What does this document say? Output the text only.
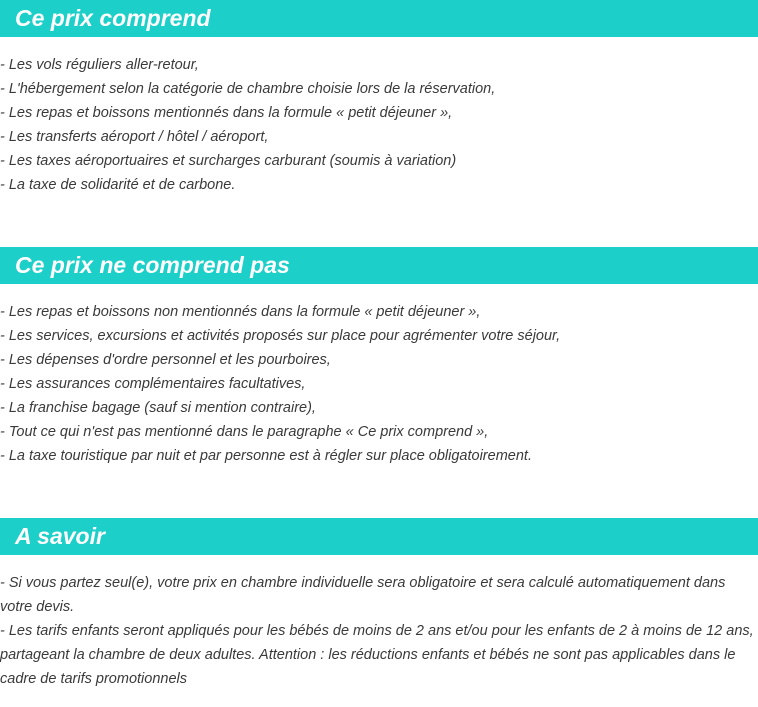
Ce prix comprend
- Les vols réguliers aller-retour,
- L'hébergement selon la catégorie de chambre choisie lors de la réservation,
- Les repas et boissons mentionnés dans la formule « petit déjeuner »,
- Les transferts aéroport / hôtel / aéroport,
- Les taxes aéroportuaires et surcharges carburant (soumis à variation)
- La taxe de solidarité et de carbone.
Ce prix ne comprend pas
- Les repas et boissons non mentionnés dans la formule « petit déjeuner »,
- Les services, excursions et activités proposés sur place pour agrémenter votre séjour,
- Les dépenses d'ordre personnel et les pourboires,
- Les assurances complémentaires facultatives,
- La franchise bagage (sauf si mention contraire),
- Tout ce qui n'est pas mentionné dans le paragraphe « Ce prix comprend »,
- La taxe touristique par nuit et par personne est à régler sur place obligatoirement.
A savoir
- Si vous partez seul(e), votre prix en chambre individuelle sera obligatoire et sera calculé automatiquement dans votre devis.
- Les tarifs enfants seront appliqués pour les bébés de moins de 2 ans et/ou pour les enfants de 2 à moins de 12 ans, partageant la chambre de deux adultes. Attention : les réductions enfants et bébés ne sont pas applicables dans le cadre de tarifs promotionnels
